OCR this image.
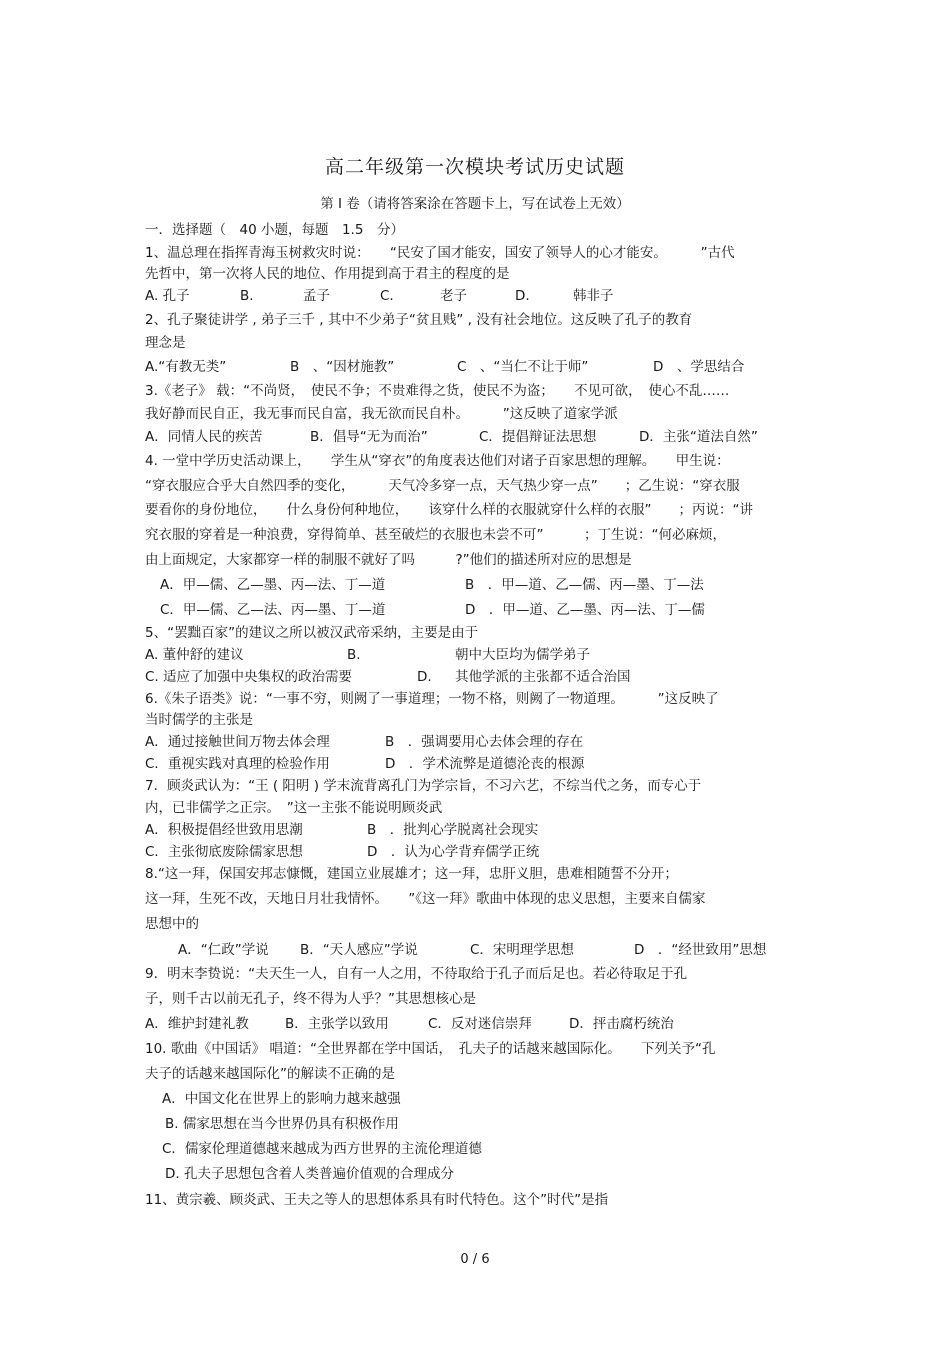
高二年级第一次模块考试历史试题
第 I 卷（请将答案涂在答题卡上，写在试卷上无效）
一．选择题（　40 小题，每题　1.5　分）
1、温总理在指挥青海玉树救灾时说：　　“民安了国才能安，国安了领导人的心才能安。　　　”古代
先哲中，第一次将人民的地位、作用提到高于君主的程度的是
A. 孔子	B.	孟子	C.	老子	D.	韩非子
2、孔子聚徒讲学 , 弟子三千 , 其中不少弟子“贫且贱” , 没有社会地位。这反映了孔子的教育
理念是
A.“有教无类”	B　、“因材施教”	C　、“当仁不让于师”	D　、学思结合
3.《老子》 载：“不尚贤，　使民不争；不贵难得之货，使民不为盗；　　不见可欲，　使心不乱……
我好静而民自正，我无事而民自富，我无欲而民自朴。　　　”这反映了道家学派
A．同情人民的疾苦	B．倡导“无为而治”	C．提倡辩证法思想	D．主张“道法自然”
4. 一堂中学历史活动课上，　　学生从“穿衣”的角度表达他们对诸子百家思想的理解。　　甲生说：
“穿衣服应合乎大自然四季的变化，　　　天气冷多穿一点，天气热少穿一点”　　；乙生说：“穿衣服
要看你的身份地位，　　什么身份何种地位，　　该穿什么样的衣服就穿什么样的衣服”　　；丙说：“讲
究衣服的穿着是一种浪费，穿得简单、甚至破烂的衣服也未尝不可”　　　；丁生说：“何必麻烦，
由上面规定，大家都穿一样的制服不就好了吗　　　?”他们的描述所对应的思想是
A．甲—儒、乙—墨、丙—法、丁—道	B　．甲—道、乙—儒、丙—墨、丁—法
C．甲—儒、乙—法、丙—墨、丁—道	D　．甲—道、乙—墨、丙—法、丁—儒
5、“罢黜百家”的建议之所以被汉武帝采纳，主要是由于
A. 董仲舒的建议	B.	朝中大臣均为儒学弟子
C. 适应了加强中央集权的政治需要	D. 其他学派的主张都不适合治国
6.《朱子语类》说：“一事不穷，则阙了一事道理；一物不格，则阙了一物道理。　　　”这反映了
当时儒学的主张是
A．通过接触世间万物去体会理	B　．强调要用心去体会理的存在
C．重视实践对真理的检验作用	D　．学术流弊是道德沦丧的根源
7．顾炎武认为：“王 ( 阳明 ) 学末流背离孔门为学宗旨，不习六艺，不综当代之务，而专心于
内，已非儒学之正宗。　”这一主张不能说明顾炎武
A．积极提倡经世致用思潮	B　．批判心学脱离社会现实
C．主张彻底废除儒家思想	D　．认为心学背弃儒学正统
8.“这一拜，保国安邦志慷慨，建国立业展雄才；这一拜，忠肝义胆，患难相随誓不分开；
这一拜，生死不改，天地日月壮我情怀。　　”《这一拜》歌曲中体现的忠义思想，主要来自儒家
思想中的
A．“仁政”学说 B．“天人感应”学说	C．宋明理学思想	D　．“经世致用”思想
9．明末李贽说：“夫天生一人，自有一人之用，不待取给于孔子而后足也。若必待取足于孔
子，则千古以前无孔子，终不得为人乎？”其思想核心是
A．维护封建礼教	B．主张学以致用	C．反对迷信崇拜	D．抨击腐朽统治
10. 歌曲《中国话》 唱道：“全世界都在学中国话，　孔夫子的话越来越国际化。　　下列关予“孔
夫子的话越来越国际化”的解读不正确的是
A．中国文化在世界上的影响力越来越强
B. 儒家思想在当今世界仍具有积极作用
C．儒家伦理道德越来越成为西方世界的主流伦理道德
D. 孔夫子思想包含着人类普遍价值观的合理成分
11、黄宗羲、顾炎武、王夫之等人的思想体系具有时代特色。这个”时代”是指
0 / 6
